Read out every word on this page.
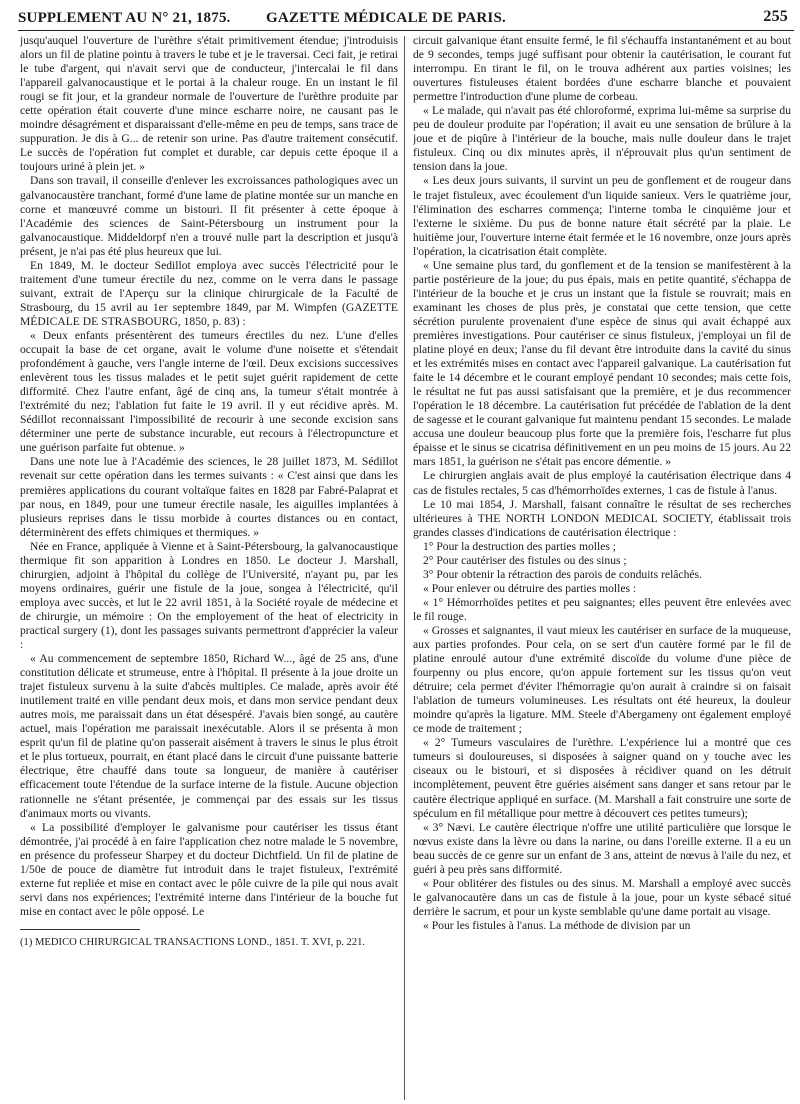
SUPPLEMENT AU N° 21, 1875. GAZETTE MÉDICALE DE PARIS.	255

jusqu'auquel l'ouverture de l'urèthre s'était primitivement étendue; j'introduisis alors un fil de platine pointu à travers le tube et je le traversai. Ceci fait, je retirai le tube d'argent, qui n'avait servi que de conducteur, j'intercalai le fil dans l'appareil galvanocaustique et le portai à la chaleur rouge. En un instant le fil rougi se fit jour, et la grandeur normale de l'ouverture de l'urèthre produite par cette opération était couverte d'une mince escharre noire, ne causant pas le moindre désagrément et disparaissant d'elle-même en peu de temps, sans trace de suppuration. Je dis à G... de retenir son urine. Pas d'autre traitement consécutif. Le succès de l'opération fut complet et durable, car depuis cette époque il a toujours uriné à plein jet. »

Dans son travail, il conseille d'enlever les excroissances pathologiques avec un galvanocaustère tranchant, formé d'une lame de platine montée sur un manche en corne et manœuvré comme un bistouri. Il fit présenter à cette époque à l'Académie des sciences de Saint-Pétersbourg un instrument pour la galvanocaustique. Middeldorpf n'en a trouvé nulle part la description et jusqu'à présent, je n'ai pas été plus heureux que lui.

En 1849, M. le docteur Sedillot employa avec succès l'électricité pour le traitement d'une tumeur érectile du nez, comme on le verra dans le passage suivant, extrait de l'Aperçu sur la clinique chirurgicale de la Faculté de Strasbourg, du 15 avril au 1er septembre 1849, par M. Wimpfen (GAZETTE MÉDICALE DE STRASBOURG, 1850, p. 83) :

« Deux enfants présentèrent des tumeurs érectiles du nez. L'une d'elles occupait la base de cet organe, avait le volume d'une noisette et s'étendait profondément à gauche, vers l'angle interne de l'œil. Deux excisions successives enlevèrent tous les tissus malades et le petit sujet guérit rapidement de cette difformité. Chez l'autre enfant, âgé de cinq ans, la tumeur s'était montrée à l'extrémité du nez; l'ablation fut faite le 19 avril. Il y eut récidive après. M. Sédillot reconnaissant l'impossibilité de recourir à une seconde excision sans déterminer une perte de substance incurable, eut recours à l'électropuncture et une guérison parfaite fut obtenue. »

Dans une note lue à l'Académie des sciences, le 28 juillet 1873, M. Sédillot revenait sur cette opération dans les termes suivants : « C'est ainsi que dans les premières applications du courant voltaïque faites en 1828 par Fabré-Palaprat et par nous, en 1849, pour une tumeur érectile nasale, les aiguilles implantées à plusieurs reprises dans le tissu morbide à courtes distances ou en contact, déterminèrent des effets chimiques et thermiques. »

Née en France, appliquée à Vienne et à Saint-Pétersbourg, la galvanocaustique thermique fit son apparition à Londres en 1850. Le docteur J. Marshall, chirurgien, adjoint à l'hôpital du collège de l'Université, n'ayant pu, par les moyens ordinaires, guérir une fistule de la joue, songea à l'électricité, qu'il employa avec succès, et lut le 22 avril 1851, à la Société royale de médecine et de chirurgie, un mémoire : On the employement of the heat of electricity in practical surgery (1), dont les passages suivants permettront d'apprécier la valeur :

« Au commencement de septembre 1850, Richard W..., âgé de 25 ans, d'une constitution délicate et strumeuse, entre à l'hôpital. Il présente à la joue droite un trajet fistuleux survenu à la suite d'abcès multiples. Ce malade, après avoir été inutilement traité en ville pendant deux mois, et dans mon service pendant deux autres mois, me paraissait dans un état désespéré. J'avais bien songé, au cautère actuel, mais l'opération me paraissait inexécutable. Alors il se présenta à mon esprit qu'un fil de platine qu'on passerait aisément à travers le sinus le plus étroit et le plus tortueux, pourrait, en étant placé dans le circuit d'une puissante batterie électrique, être chauffé dans toute sa longueur, de manière à cautériser efficacement toute l'étendue de la surface interne de la fistule. Aucune objection rationnelle ne s'étant présentée, je commençai par des essais sur les tissus d'animaux morts ou vivants.

« La possibilité d'employer le galvanisme pour cautériser les tissus étant démontrée, j'ai procédé à en faire l'application chez notre malade le 5 novembre, en présence du professeur Sharpey et du docteur Dichtfield. Un fil de platine de 1/50e de pouce de diamètre fut introduit dans le trajet fistuleux, l'extrémité externe fut repliée et mise en contact avec le pôle cuivre de la pile qui nous avait servi dans nos expériences; l'extrémité interne dans l'intérieur de la bouche fut mise en contact avec le pôle opposé. Le

(1) MEDICO CHIRURGICAL TRANSACTIONS LOND., 1851. T. XVI, p. 221.

circuit galvanique étant ensuite fermé, le fil s'échauffa instantanément et au bout de 9 secondes, temps jugé suffisant pour obtenir la cautérisation, le courant fut interrompu. En tirant le fil, on le trouva adhérent aux parties voisines; les ouvertures fistuleuses étaient bordées d'une escharre blanche et pouvaient permettre l'introduction d'une plume de corbeau.

« Le malade, qui n'avait pas été chloroformé, exprima lui-même sa surprise du peu de douleur produite par l'opération; il avait eu une sensation de brûlure à la joue et de piqûre à l'intérieur de la bouche, mais nulle douleur dans le trajet fistuleux. Cinq ou dix minutes après, il n'éprouvait plus qu'un sentiment de tension dans la joue.

« Les deux jours suivants, il survint un peu de gonflement et de rougeur dans le trajet fistuleux, avec écoulement d'un liquide sanieux. Vers le quatrième jour, l'élimination des escharres commença; l'interne tomba le cinquième jour et l'externe le sixième. Du pus de bonne nature était sécrété par la plaie. Le huitième jour, l'ouverture interne était fermée et le 16 novembre, onze jours après l'opération, la cicatrisation était complète.

« Une semaine plus tard, du gonflement et de la tension se manifestèrent à la partie postérieure de la joue; du pus épais, mais en petite quantité, s'échappa de l'intérieur de la bouche et je crus un instant que la fistule se rouvrait; mais en examinant les choses de plus près, je constatai que cette tension, que cette sécrétion purulente provenaient d'une espèce de sinus qui avait échappé aux premières investigations. Pour cautériser ce sinus fistuleux, j'employai un fil de platine ployé en deux; l'anse du fil devant être introduite dans la cavité du sinus et les extrémités mises en contact avec l'appareil galvanique. La cautérisation fut faite le 14 décembre et le courant employé pendant 10 secondes; mais cette fois, le résultat ne fut pas aussi satisfaisant que la première, et je dus recommencer l'opération le 18 décembre. La cautérisation fut précédée de l'ablation de la dent de sagesse et le courant galvanique fut maintenu pendant 15 secondes. Le malade accusa une douleur beaucoup plus forte que la première fois, l'escharre fut plus épaisse et le sinus se cicatrisa définitivement en un peu moins de 15 jours. Au 22 mars 1851, la guérison ne s'était pas encore démentie. »

Le chirurgien anglais avait de plus employé la cautérisation électrique dans 4 cas de fistules rectales, 5 cas d'hémorrhoïdes externes, 1 cas de fistule à l'anus.

Le 10 mai 1854, J. Marshall, faisant connaître le résultat de ses recherches ultérieures à THE NORTH LONDON MEDICAL SOCIETY, établissait trois grandes classes d'indications de cautérisation électrique :

1° Pour la destruction des parties molles ;

2° Pour cautériser des fistules ou des sinus ;

3° Pour obtenir la rétraction des parois de conduits relâchés.

« Pour enlever ou détruire des parties molles :

« 1° Hémorrhoïdes petites et peu saignantes; elles peuvent être enlevées avec le fil rouge.

« Grosses et saignantes, il vaut mieux les cautériser en surface de la muqueuse, aux parties profondes. Pour cela, on se sert d'un cautère formé par le fil de platine enroulé autour d'une extrémité discoïde du volume d'une pièce de fourpenny ou plus encore, qu'on appuie fortement sur les tissus qu'on veut détruire; cela permet d'éviter l'hémorragie qu'on aurait à craindre si on faisait l'ablation de tumeurs volumineuses. Les résultats ont été heureux, la douleur moindre qu'après la ligature. MM. Steele d'Abergameny ont également employé ce mode de traitement ;

« 2° Tumeurs vasculaires de l'urèthre. L'expérience lui a montré que ces tumeurs si douloureuses, si disposées à saigner quand on y touche avec les ciseaux ou le bistouri, et si disposées à récidiver quand on les détruit incomplètement, peuvent être guéries aisément sans danger et sans retour par le cautère électrique appliqué en surface. (M. Marshall a fait construire une sorte de spéculum en fil métallique pour mettre à découvert ces petites tumeurs);

« 3° Nævi. Le cautère électrique n'offre une utilité particulière que lorsque le nœvus existe dans la lèvre ou dans la narine, ou dans l'oreille externe. Il a eu un beau succès de ce genre sur un enfant de 3 ans, atteint de nœvus à l'aile du nez, et guéri à peu près sans difformité.

« Pour oblitérer des fistules ou des sinus. M. Marshall a employé avec succès le galvanocautère dans un cas de fistule à la joue, pour un kyste sébacé situé derrière le sacrum, et pour un kyste semblable qu'une dame portait au visage.

« Pour les fistules à l'anus. La méthode de division par un
